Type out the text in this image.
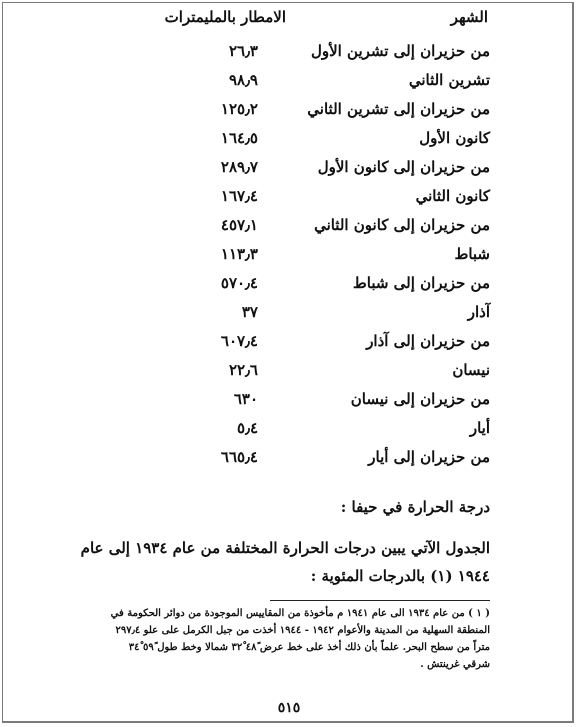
الشهر
الامطار بالمليمترات
من حزيران إلى تشرين الأول
٢٦٫٣
تشرين الثاني
٩٨٫٩
من حزيران إلى تشرين الثاني
١٢٥٫٢
كانون الأول
١٦٤٫٥
من حزيران إلى كانون الأول
٢٨٩٫٧
كانون الثاني
١٦٧٫٤
من حزيران إلى كانون الثاني
٤٥٧٫١
شباط
١١٣٫٣
من حزيران إلى شباط
٥٧٠٫٤
آذار
٣٧
من حزيران إلى آذار
٦٠٧٫٤
نيسان
٢٢٫٦
من حزيران إلى نيسان
٦٣٠
أيار
٥٫٤
من حزيران إلى أيار
٦٦٥٫٤
درجة الحرارة في حيفا :
الجدول الآتي يبين درجات الحرارة المختلفة من عام ١٩٣٤ إلى عام
١٩٤٤ (١) بالدرجات المئوية :
( ١ ) من عام ١٩٣٤ الى عام ١٩٤١ م مأخوذة من المقاييس الموجودة من دوائر الحكومة في
المنطقة السهلية من المدينة والأعوام ١٩٤٢ - ١٩٤٤ أخذت من جبل الكرمل على علو ٢٩٧٫٤
متراً من سطح البحر. علماً بأن ذلك أخذ على خط عرض ٤٨ً ٣٢ْ شمالا وخط طول ٥٩ً ٣٤ْ
شرقي غرينتش .
٥١٥
